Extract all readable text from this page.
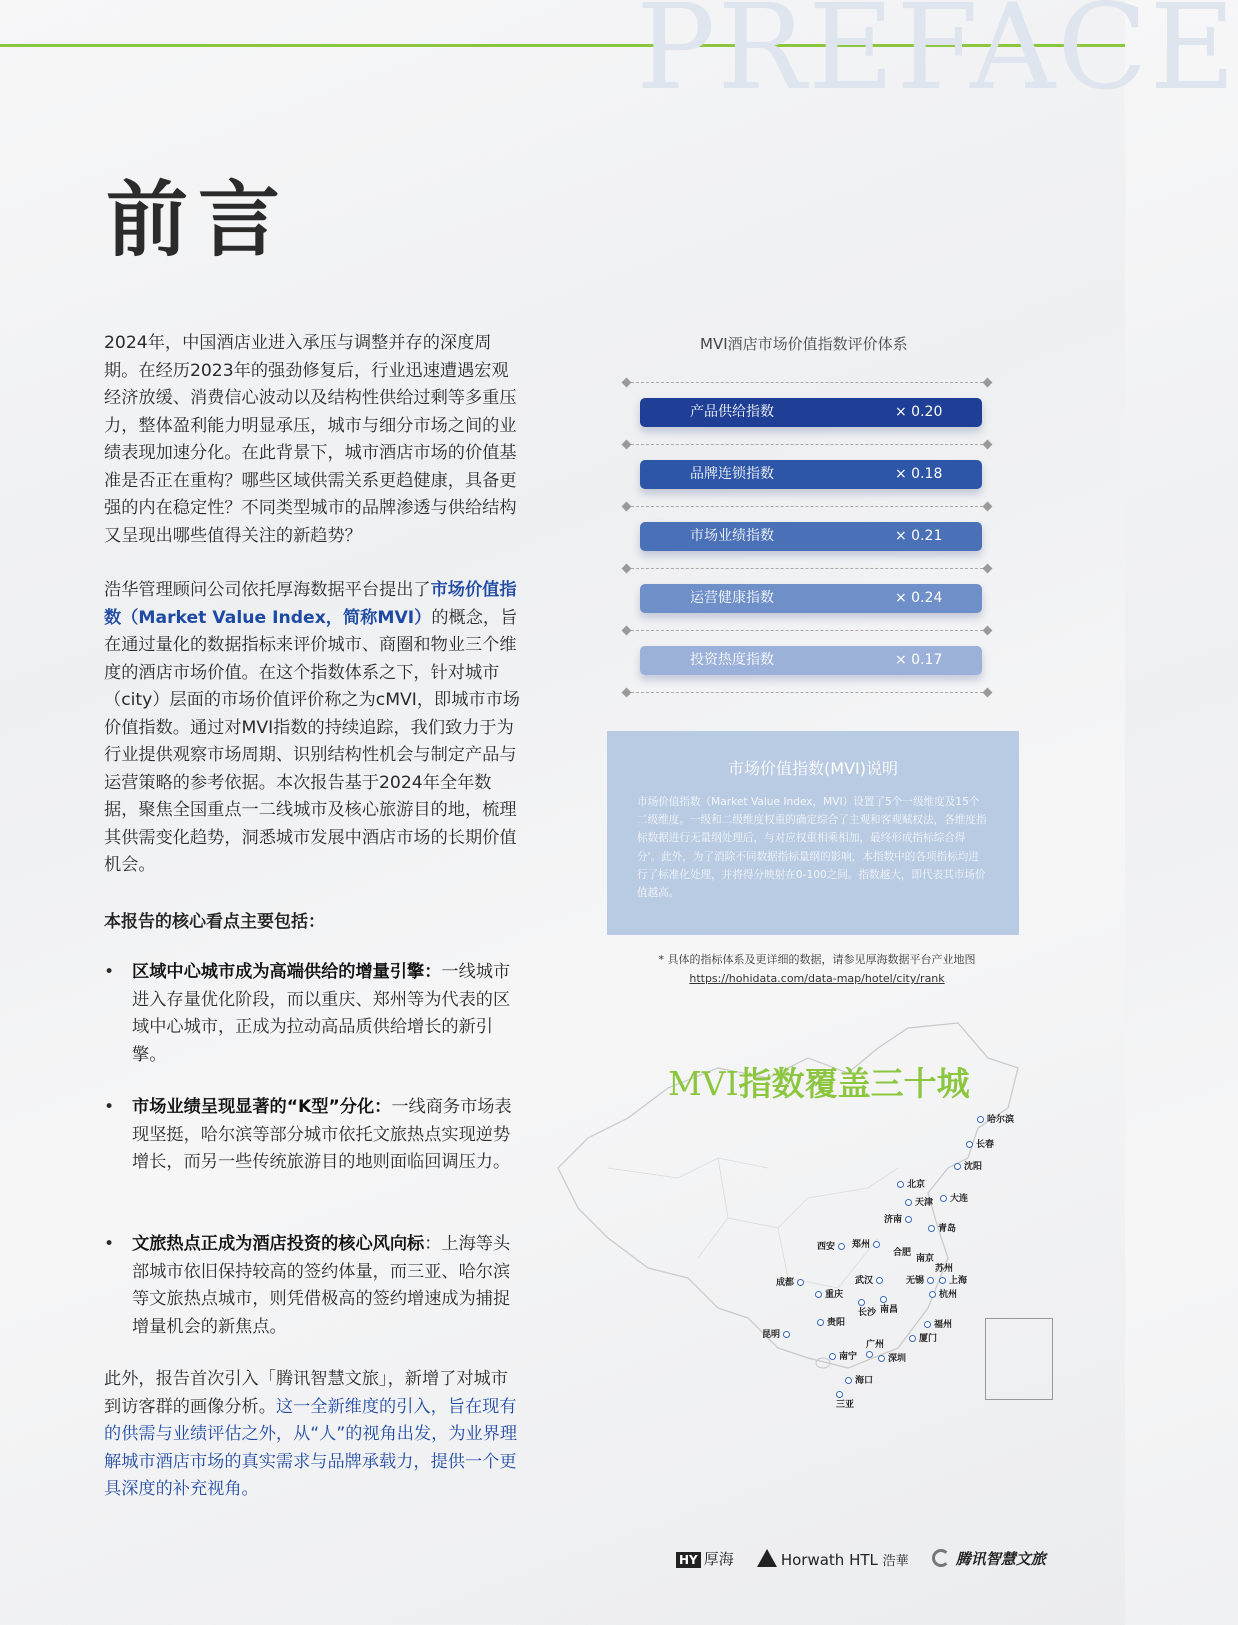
PREFACE
前言

2024年，中国酒店业进入承压与调整并存的深度周期。在经历2023年的强劲修复后，行业迅速遭遇宏观经济放缓、消费信心波动以及结构性供给过剩等多重压力，整体盈利能力明显承压，城市与细分市场之间的业绩表现加速分化。在此背景下，城市酒店市场的价值基准是否正在重构？哪些区域供需关系更趋健康，具备更强的内在稳定性？不同类型城市的品牌渗透与供给结构又呈现出哪些值得关注的新趋势？

浩华管理顾问公司依托厚海数据平台提出了市场价值指数（Market Value Index，简称MVI）的概念，旨在通过量化的数据指标来评价城市、商圈和物业三个维度的酒店市场价值。在这个指数体系之下，针对城市（city）层面的市场价值评价称之为cMVI，即城市市场价值指数。通过对MVI指数的持续追踪，我们致力于为行业提供观察市场周期、识别结构性机会与制定产品与运营策略的参考依据。本次报告基于2024年全年数据，聚焦全国重点一二线城市及核心旅游目的地，梳理其供需变化趋势，洞悉城市发展中酒店市场的长期价值机会。

本报告的核心看点主要包括：
•	区域中心城市成为高端供给的增量引擎：一线城市进入存量优化阶段，而以重庆、郑州等为代表的区域中心城市，正成为拉动高品质供给增长的新引擎。
•	市场业绩呈现显著的“K型”分化：一线商务市场表现坚挺，哈尔滨等部分城市依托文旅热点实现逆势增长，而另一些传统旅游目的地则面临回调压力。
•	文旅热点正成为酒店投资的核心风向标：上海等头部城市依旧保持较高的签约体量，而三亚、哈尔滨等文旅热点城市，则凭借极高的签约增速成为捕捉增量机会的新焦点。

此外，报告首次引入「腾讯智慧文旅」，新增了对城市到访客群的画像分析。这一全新维度的引入，旨在现有的供需与业绩评估之外，从“人”的视角出发，为业界理解城市酒店市场的真实需求与品牌承载力，提供一个更具深度的补充视角。

MVI酒店市场价值指数评价体系
产品供给指数	× 0.20
品牌连锁指数	× 0.18
市场业绩指数	× 0.21
运营健康指数	× 0.24
投资热度指数	× 0.17
市场价值指数(MVI)说明
市场价值指数（Market Value Index，MVI）设置了5个一级维度及15个二级维度。一级和二级维度权重的确定综合了主观和客观赋权法，各维度指标数据进行无量纲处理后，与对应权重相乘相加，最终形成指标综合得分'。此外，为了消除不同数据指标量纲的影响，本指数中的各项指标均进行了标准化处理，并将得分映射在0-100之间。指数越大，即代表其市场价值越高。
* 具体的指标体系及更详细的数据，请参见厚海数据平台产业地图
https://hohidata.com/data-map/hotel/city/rank
MVI指数覆盖三十城
哈尔滨
长春
沈阳
北京
天津	大连
济南
青岛
西安	郑州
合肥
南京
苏州
无锡	上海
杭州
成都
重庆
武汉

长沙 南昌
贵阳
昆明
福州
厦门
广州

深圳
南宁
海口

三亚
HY 厚海	Horwath HTL 浩華	腾讯智慧文旅
